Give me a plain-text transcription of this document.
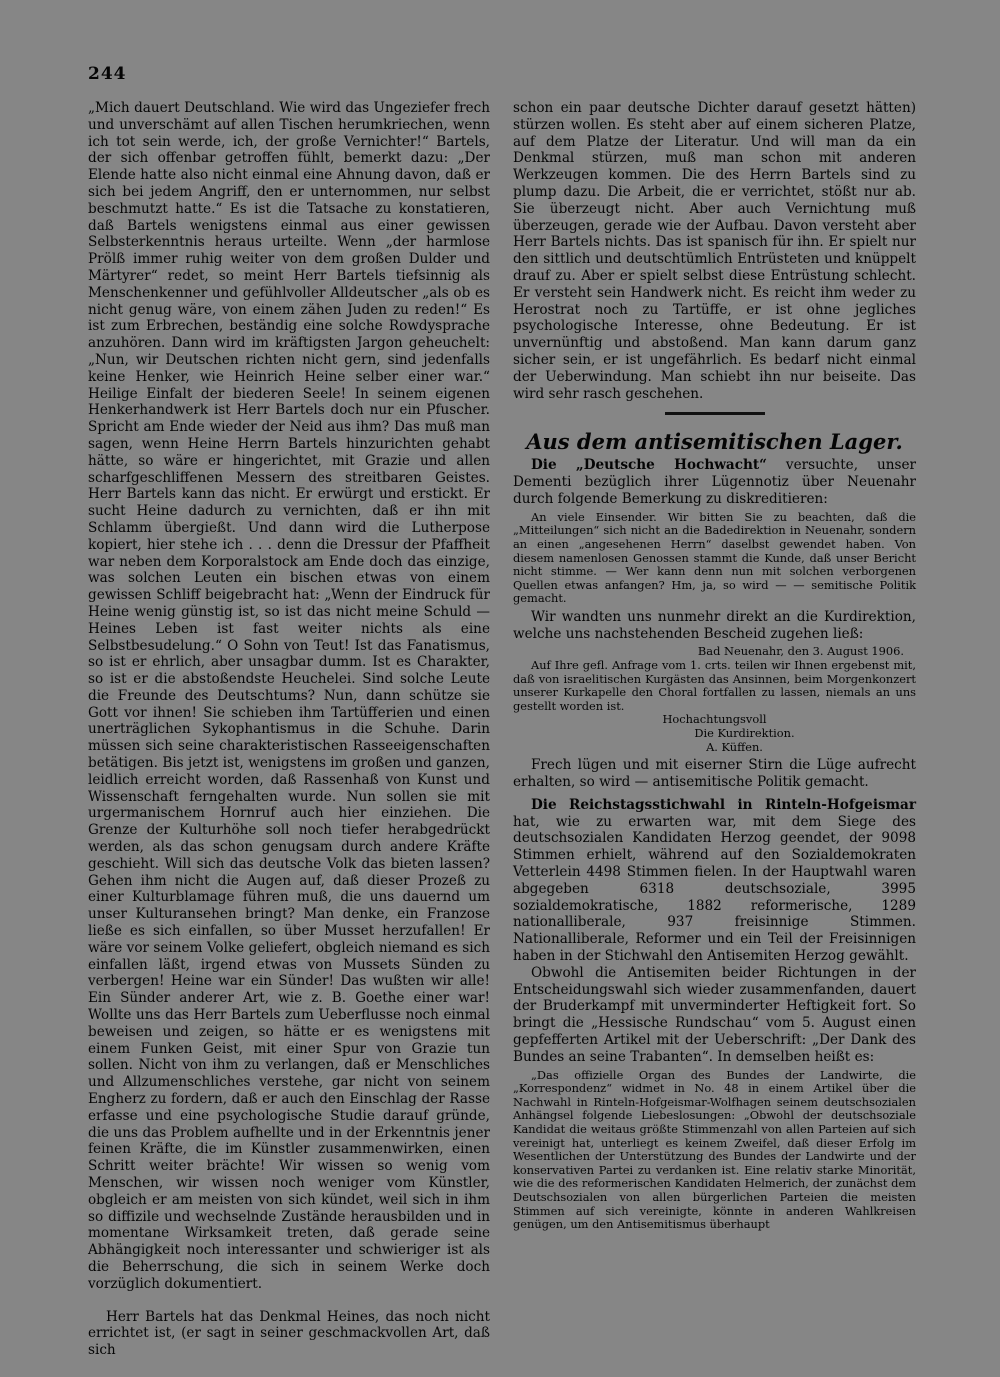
244

„Mich dauert Deutschland. Wie wird das Ungeziefer frech und unverschämt auf allen Tischen herumkriechen, wenn ich tot sein werde, ich, der große Vernichter!“ Bartels, der sich offenbar getroffen fühlt, bemerkt dazu: „Der Elende hatte also nicht einmal eine Ahnung davon, daß er sich bei jedem Angriff, den er unternommen, nur selbst beschmutzt hatte.“ Es ist die Tatsache zu konstatieren, daß Bartels wenigstens einmal aus einer gewissen Selbsterkenntnis heraus urteilte. Wenn „der harmlose Prölß immer ruhig weiter von dem großen Dulder und Märtyrer“ redet, so meint Herr Bartels tiefsinnig als Menschenkenner und gefühlvoller Alldeutscher „als ob es nicht genug wäre, von einem zähen Juden zu reden!“ Es ist zum Erbrechen, beständig eine solche Rowdysprache anzuhören. Dann wird im kräftigsten Jargon geheuchelt: „Nun, wir Deutschen richten nicht gern, sind jedenfalls keine Henker, wie Heinrich Heine selber einer war.“ Heilige Einfalt der biederen Seele! In seinem eigenen Henkerhandwerk ist Herr Bartels doch nur ein Pfuscher. Spricht am Ende wieder der Neid aus ihm? Das muß man sagen, wenn Heine Herrn Bartels hinzurichten gehabt hätte, so wäre er hingerichtet, mit Grazie und allen scharfgeschliffenen Messern des streitbaren Geistes. Herr Bartels kann das nicht. Er erwürgt und erstickt. Er sucht Heine dadurch zu vernichten, daß er ihn mit Schlamm übergießt. Und dann wird die Lutherpose kopiert, hier stehe ich . . . denn die Dressur der Pfaffheit war neben dem Korporalstock am Ende doch das einzige, was solchen Leuten ein bischen etwas von einem gewissen Schliff beigebracht hat: „Wenn der Eindruck für Heine wenig günstig ist, so ist das nicht meine Schuld — Heines Leben ist fast weiter nichts als eine Selbstbesudelung.“ O Sohn von Teut! Ist das Fanatismus, so ist er ehrlich, aber unsagbar dumm. Ist es Charakter, so ist er die abstoßendste Heuchelei. Sind solche Leute die Freunde des Deutschtums? Nun, dann schütze sie Gott vor ihnen! Sie schieben ihm Tartüfferien und einen unerträglichen Sykophantismus in die Schuhe. Darin müssen sich seine charakteristischen Rasseeigenschaften betätigen. Bis jetzt ist, wenigstens im großen und ganzen, leidlich erreicht worden, daß Rassenhaß von Kunst und Wissenschaft ferngehalten wurde. Nun sollen sie mit urgermanischem Hornruf auch hier einziehen. Die Grenze der Kulturhöhe soll noch tiefer herabgedrückt werden, als das schon genugsam durch andere Kräfte geschieht. Will sich das deutsche Volk das bieten lassen? Gehen ihm nicht die Augen auf, daß dieser Prozeß zu einer Kulturblamage führen muß, die uns dauernd um unser Kulturansehen bringt? Man denke, ein Franzose ließe es sich einfallen, so über Musset herzufallen! Er wäre vor seinem Volke geliefert, obgleich niemand es sich einfallen läßt, irgend etwas von Mussets Sünden zu verbergen! Heine war ein Sünder! Das wußten wir alle! Ein Sünder anderer Art, wie z. B. Goethe einer war! Wollte uns das Herr Bartels zum Ueberflusse noch einmal beweisen und zeigen, so hätte er es wenigstens mit einem Funken Geist, mit einer Spur von Grazie tun sollen. Nicht von ihm zu verlangen, daß er Menschliches und Allzumenschliches verstehe, gar nicht von seinem Engherz zu fordern, daß er auch den Einschlag der Rasse erfasse und eine psychologische Studie darauf gründe, die uns das Problem aufhellte und in der Erkenntnis jener feinen Kräfte, die im Künstler zusammenwirken, einen Schritt weiter brächte! Wir wissen so wenig vom Menschen, wir wissen noch weniger vom Künstler, obgleich er am meisten von sich kündet, weil sich in ihm so diffizile und wechselnde Zustände herausbilden und in momentane Wirksamkeit treten, daß gerade seine Abhängigkeit noch interessanter und schwieriger ist als die Beherrschung, die sich in seinem Werke doch vorzüglich dokumentiert.

Herr Bartels hat das Denkmal Heines, das noch nicht errichtet ist, (er sagt in seiner geschmackvollen Art, daß sich

schon ein paar deutsche Dichter darauf gesetzt hätten) stürzen wollen. Es steht aber auf einem sicheren Platze, auf dem Platze der Literatur. Und will man da ein Denkmal stürzen, muß man schon mit anderen Werkzeugen kommen. Die des Herrn Bartels sind zu plump dazu. Die Arbeit, die er verrichtet, stößt nur ab. Sie überzeugt nicht. Aber auch Vernichtung muß überzeugen, gerade wie der Aufbau. Davon versteht aber Herr Bartels nichts. Das ist spanisch für ihn. Er spielt nur den sittlich und deutschtümlich Entrüsteten und knüppelt drauf zu. Aber er spielt selbst diese Entrüstung schlecht. Er versteht sein Handwerk nicht. Es reicht ihm weder zu Herostrat noch zu Tartüffe, er ist ohne jegliches psychologische Interesse, ohne Bedeutung. Er ist unvernünftig und abstoßend. Man kann darum ganz sicher sein, er ist ungefährlich. Es bedarf nicht einmal der Ueberwindung. Man schiebt ihn nur beiseite. Das wird sehr rasch geschehen.

Aus dem antisemitischen Lager.

Die „Deutsche Hochwacht“ versuchte, unser Dementi bezüglich ihrer Lügennotiz über Neuenahr durch folgende Bemerkung zu diskreditieren:

An viele Einsender. Wir bitten Sie zu beachten, daß die „Mitteilungen“ sich nicht an die Badedirektion in Neuenahr, sondern an einen „angesehenen Herrn“ daselbst gewendet haben. Von diesem namenlosen Genossen stammt die Kunde, daß unser Bericht nicht stimme. — Wer kann denn nun mit solchen verborgenen Quellen etwas anfangen? Hm, ja, so wird — — semitische Politik gemacht.

Wir wandten uns nunmehr direkt an die Kurdirektion, welche uns nachstehenden Bescheid zugehen ließ:

Bad Neuenahr, den 3. August 1906.

Auf Ihre gefl. Anfrage vom 1. crts. teilen wir Ihnen ergebenst mit, daß von israelitischen Kurgästen das Ansinnen, beim Morgenkonzert unserer Kurkapelle den Choral fortfallen zu lassen, niemals an uns gestellt worden ist.

Hochachtungsvoll

Die Kurdirektion.

A. Küffen.

Frech lügen und mit eiserner Stirn die Lüge aufrecht erhalten, so wird — antisemitische Politik gemacht.

Die Reichstagsstichwahl in Rinteln-Hofgeismar hat, wie zu erwarten war, mit dem Siege des deutschsozialen Kandidaten Herzog geendet, der 9098 Stimmen erhielt, während auf den Sozialdemokraten Vetterlein 4498 Stimmen fielen. In der Hauptwahl waren abgegeben 6318 deutschsoziale, 3995 sozialdemokratische, 1882 reformerische, 1289 nationalliberale, 937 freisinnige Stimmen. Nationalliberale, Reformer und ein Teil der Freisinnigen haben in der Stichwahl den Antisemiten Herzog gewählt.

Obwohl die Antisemiten beider Richtungen in der Entscheidungswahl sich wieder zusammenfanden, dauert der Bruderkampf mit unverminderter Heftigkeit fort. So bringt die „Hessische Rundschau“ vom 5. August einen gepfefferten Artikel mit der Ueberschrift: „Der Dank des Bundes an seine Trabanten“. In demselben heißt es:

„Das offizielle Organ des Bundes der Landwirte, die „Korrespondenz“ widmet in No. 48 in einem Artikel über die Nachwahl in Rinteln-Hofgeismar-Wolfhagen seinem deutschsozialen Anhängsel folgende Liebeslosungen: „Obwohl der deutschsoziale Kandidat die weitaus größte Stimmenzahl von allen Parteien auf sich vereinigt hat, unterliegt es keinem Zweifel, daß dieser Erfolg im Wesentlichen der Unterstützung des Bundes der Landwirte und der konservativen Partei zu verdanken ist. Eine relativ starke Minorität, wie die des reformerischen Kandidaten Helmerich, der zunächst dem Deutschsozialen von allen bürgerlichen Parteien die meisten Stimmen auf sich vereinigte, könnte in anderen Wahlkreisen genügen, um den Antisemitismus überhaupt
